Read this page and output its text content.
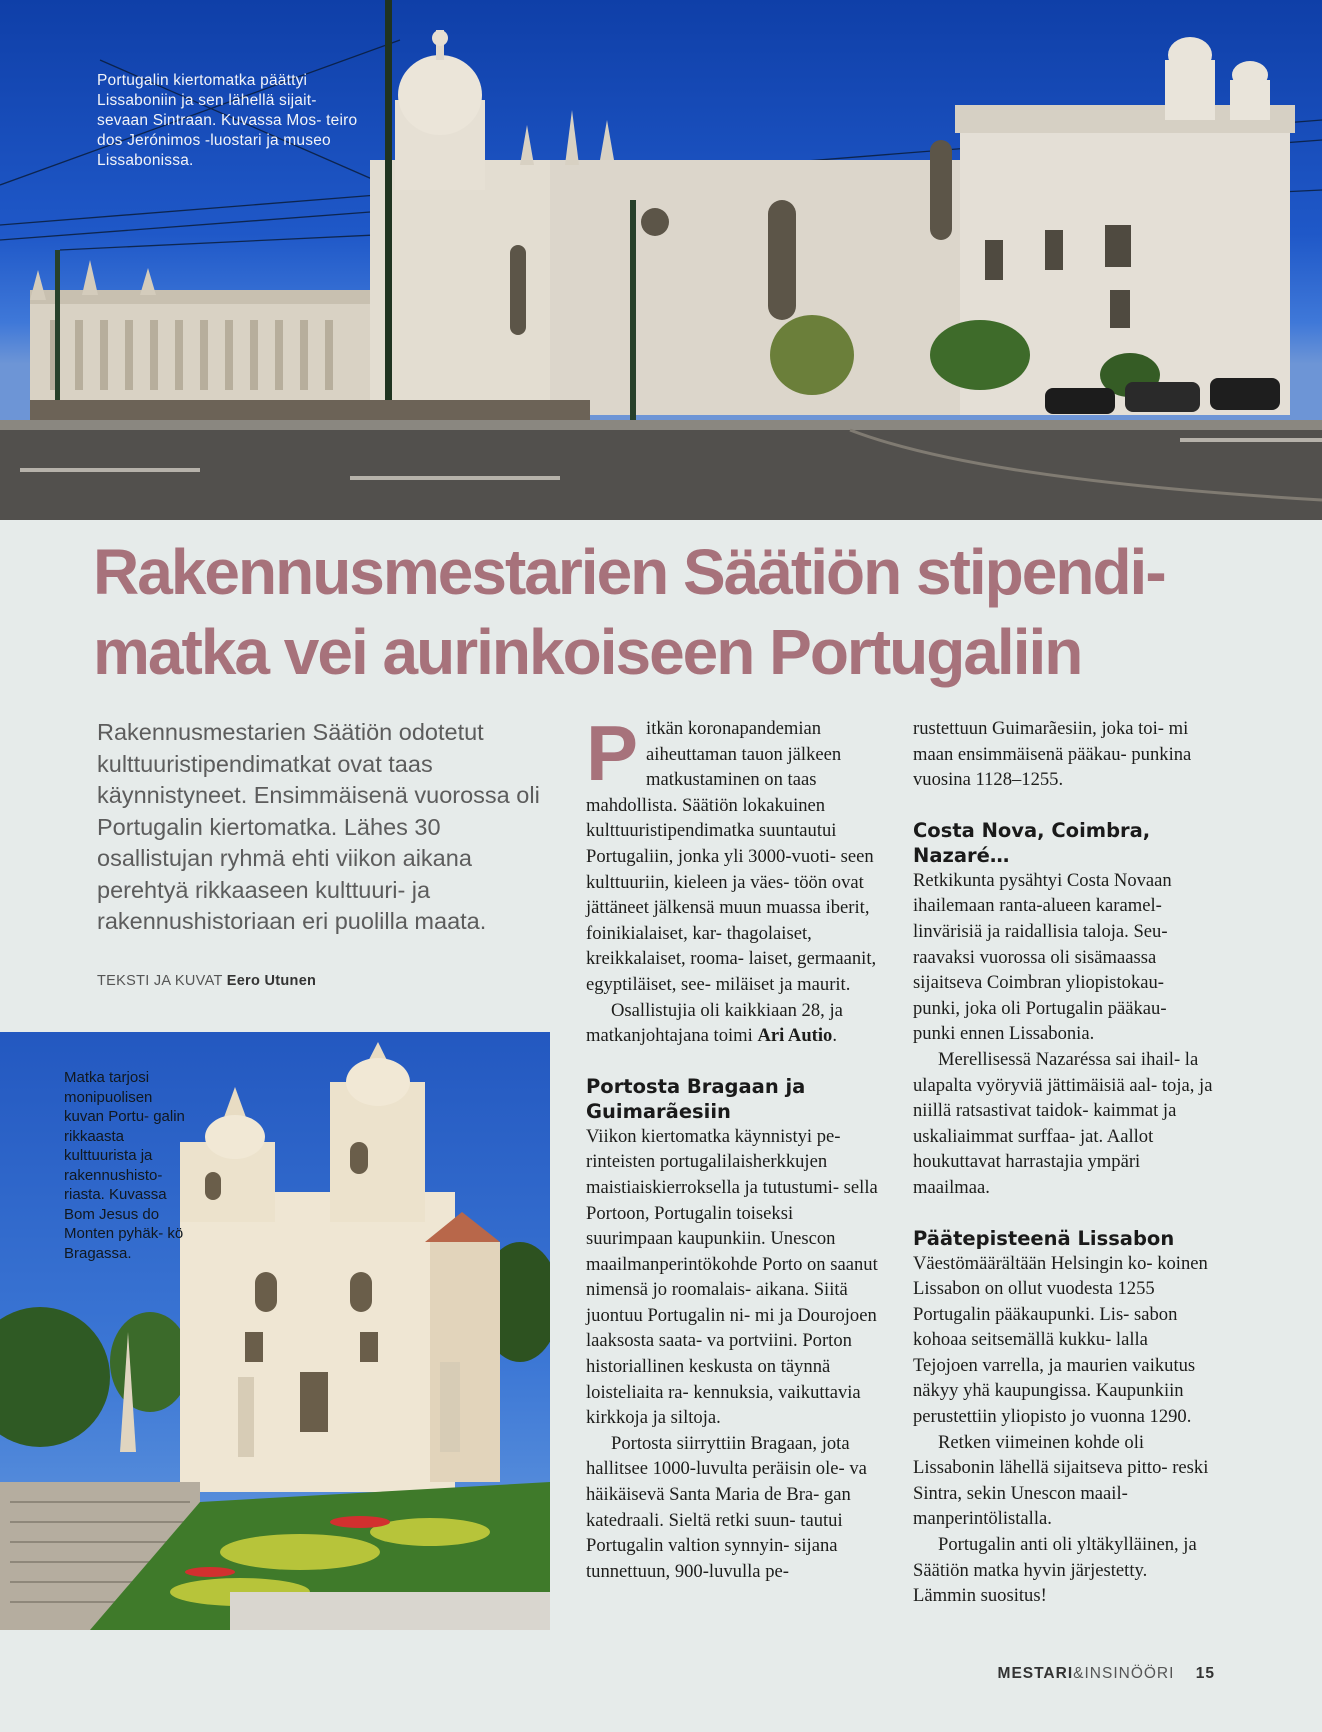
Portugalin kiertomatka päättyi Lissaboniin ja sen lähellä sijait- sevaan Sintraan. Kuvassa Mos- teiro dos Jerónimos -luostari ja museo Lissabonissa.
Rakennusmestarien Säätiön stipendi-
matka vei aurinkoiseen Portugaliin

Rakennusmestarien Säätiön odotetut kulttuuristipendimatkat ovat taas käynnistyneet. Ensimmäisenä vuorossa oli Portugalin kiertomatka. Lähes 30 osallistujan ryhmä ehti viikon aikana perehtyä rikkaaseen kulttuuri- ja rakennushistoriaan eri puolilla maata.

TEKSTI JA KUVAT Eero Utunen
Matka tarjosi monipuolisen kuvan Portu- galin rikkaasta kulttuurista ja rakennushisto- riasta. Kuvassa Bom Jesus do Monten pyhäk- kö Bragassa.

Pitkän koronapandemian aiheuttaman tauon jälkeen matkustaminen on taas mahdollista. Säätiön lokakuinen kulttuuristipendimatka suuntautui Portugaliin, jonka yli 3000-vuoti- seen kulttuuriin, kieleen ja väes- töön ovat jättäneet jälkensä muun muassa iberit, foinikialaiset, kar- thagolaiset, kreikkalaiset, rooma- laiset, germaanit, egyptiläiset, see- miläiset ja maurit.

Osallistujia oli kaikkiaan 28, ja matkanjohtajana toimi Ari Autio.

Portosta Bragaan ja Guimarãesiin

Viikon kiertomatka käynnistyi pe- rinteisten portugalilaisherkkujen maistiaiskierroksella ja tutustumi- sella Portoon, Portugalin toiseksi suurimpaan kaupunkiin. Unescon maailmanperintökohde Porto on saanut nimensä jo roomalais- aikana. Siitä juontuu Portugalin ni- mi ja Dourojoen laaksosta saata- va portviini. Porton historiallinen keskusta on täynnä loisteliaita ra- kennuksia, vaikuttavia kirkkoja ja siltoja.

Portosta siirryttiin Bragaan, jota hallitsee 1000-luvulta peräisin ole- va häikäisevä Santa Maria de Bra- gan katedraali. Sieltä retki suun- tautui Portugalin valtion synnyin- sijana tunnettuun, 900-luvulla pe-

rustettuun Guimarãesiin, joka toi- mi maan ensimmäisenä pääkau- punkina vuosina 1128–1255.

Costa Nova, Coimbra, Nazaré…

Retkikunta pysähtyi Costa Novaan ihailemaan ranta-alueen karamel- linvärisiä ja raidallisia taloja. Seu- raavaksi vuorossa oli sisämaassa sijaitseva Coimbran yliopistokau- punki, joka oli Portugalin pääkau- punki ennen Lissabonia.

Merellisessä Nazaréssa sai ihail- la ulapalta vyöryviä jättimäisiä aal- toja, ja niillä ratsastivat taidok- kaimmat ja uskaliaimmat surffaa- jat. Aallot houkuttavat harrastajia ympäri maailmaa.

Päätepisteenä Lissabon

Väestömäärältään Helsingin ko- koinen Lissabon on ollut vuodesta 1255 Portugalin pääkaupunki. Lis- sabon kohoaa seitsemällä kukku- lalla Tejojoen varrella, ja maurien vaikutus näkyy yhä kaupungissa. Kaupunkiin perustettiin yliopisto jo vuonna 1290.

Retken viimeinen kohde oli Lissabonin lähellä sijaitseva pitto- reski Sintra, sekin Unescon maail- manperintölistalla.

Portugalin anti oli yltäkylläinen, ja Säätiön matka hyvin järjestetty. Lämmin suositus!

MESTARI&INSINÖÖRI 15
